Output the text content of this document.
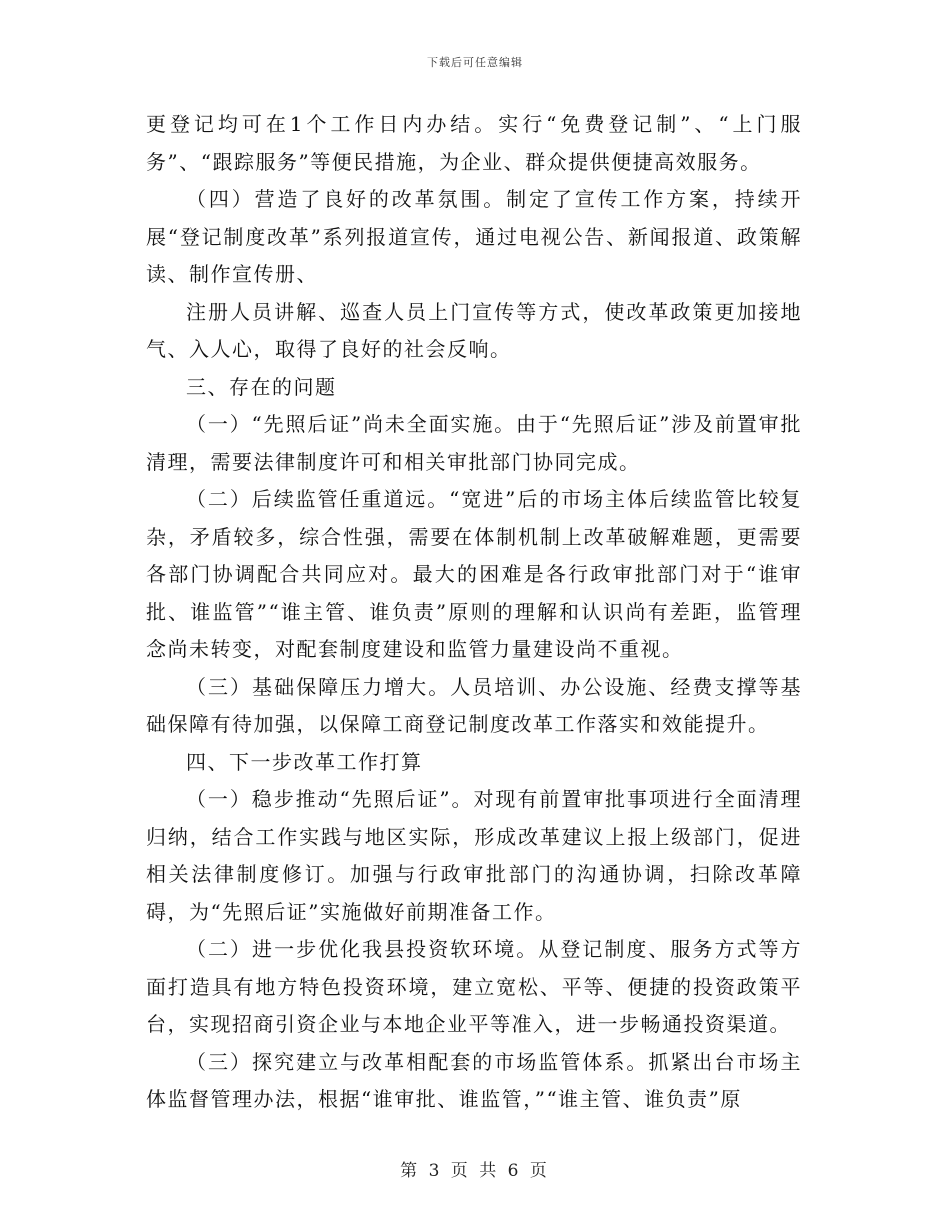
下载后可任意编辑

更登记均可在1个工作日内办结。实行“免费登记制”、“上门服务”、“跟踪服务”等便民措施，为企业、群众提供便捷高效服务。

（四）营造了良好的改革氛围。制定了宣传工作方案，持续开展“登记制度改革”系列报道宣传，通过电视公告、新闻报道、政策解读、制作宣传册、

注册人员讲解、巡查人员上门宣传等方式，使改革政策更加接地气、入人心，取得了良好的社会反响。

三、存在的问题

（一）“先照后证”尚未全面实施。由于“先照后证”涉及前置审批清理，需要法律制度许可和相关审批部门协同完成。

（二）后续监管任重道远。“宽进”后的市场主体后续监管比较复杂，矛盾较多，综合性强，需要在体制机制上改革破解难题，更需要各部门协调配合共同应对。最大的困难是各行政审批部门对于“谁审批、谁监管”“谁主管、谁负责”原则的理解和认识尚有差距，监管理念尚未转变，对配套制度建设和监管力量建设尚不重视。

（三）基础保障压力增大。人员培训、办公设施、经费支撑等基础保障有待加强，以保障工商登记制度改革工作落实和效能提升。

四、下一步改革工作打算

（一）稳步推动“先照后证”。对现有前置审批事项进行全面清理归纳，结合工作实践与地区实际，形成改革建议上报上级部门，促进相关法律制度修订。加强与行政审批部门的沟通协调，扫除改革障碍，为“先照后证”实施做好前期准备工作。

（二）进一步优化我县投资软环境。从登记制度、服务方式等方面打造具有地方特色投资环境，建立宽松、平等、便捷的投资政策平台，实现招商引资企业与本地企业平等准入，进一步畅通投资渠道。

（三）探究建立与改革相配套的市场监管体系。抓紧出台市场主体监督管理办法，根据“谁审批、谁监管，”“谁主管、谁负责”原

第 3 页 共 6 页
